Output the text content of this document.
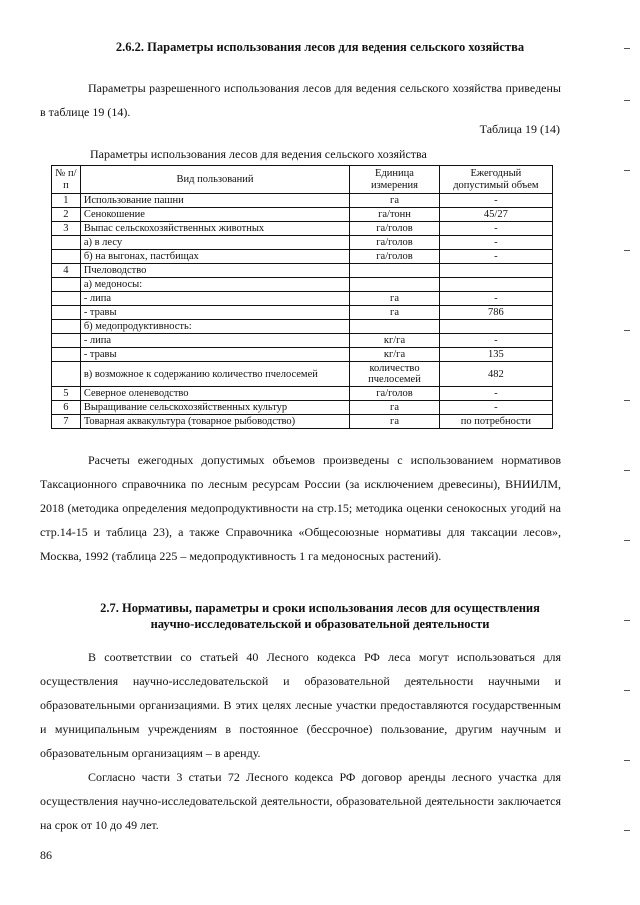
2.6.2. Параметры использования лесов для ведения сельского хозяйства

Параметры разрешенного использования лесов для ведения сельского хозяйства приведены в таблице 19 (14).

Таблица 19 (14)
Параметры использования лесов для ведения сельского хозяйства
№ п/п	Вид пользований	Единица измерения	Ежегодный допустимый объем
1	Использование пашни	га	-
2	Сенокошение	га/тонн	45/27
3	Выпас сельскохозяйственных животных	га/голов	-
	а) в лесу	га/голов	-
	б) на выгонах, пастбищах	га/голов	-
4	Пчеловодство		
	а) медоносы:		
	- липа	га	-
	- травы	га	786
	б) медопродуктивность:		
	- липа	кг/га	-
	- травы	кг/га	135
	в) возможное к содержанию количество пчелосемей	количество пчелосемей	482
5	Северное оленеводство	га/голов	-
6	Выращивание сельскохозяйственных культур	га	-
7	Товарная аквакультура (товарное рыбоводство)	га	по потребности

Расчеты ежегодных допустимых объемов произведены с использованием нормативов Таксационного справочника по лесным ресурсам России (за исключением древесины), ВНИИЛМ, 2018 (методика определения медопродуктивности на стр.15; методика оценки сенокосных угодий на стр.14-15 и таблица 23), а также Справочника «Общесоюзные нормативы для таксации лесов», Москва, 1992 (таблица 225 – медопродуктивность 1 га медоносных растений).

2.7. Нормативы, параметры и сроки использования лесов для осуществления
научно-исследовательской и образовательной деятельности

В соответствии со статьей 40 Лесного кодекса РФ леса могут использоваться для осуществления научно-исследовательской и образовательной деятельности научными и образовательными организациями. В этих целях лесные участки предоставляются государственным и муниципальным учреждениям в постоянное (бессрочное) пользование, другим научным и образовательным организациям – в аренду.

Согласно части 3 статьи 72 Лесного кодекса РФ договор аренды лесного участка для осуществления научно-исследовательской деятельности, образовательной деятельности заключается на срок от 10 до 49 лет.

86
